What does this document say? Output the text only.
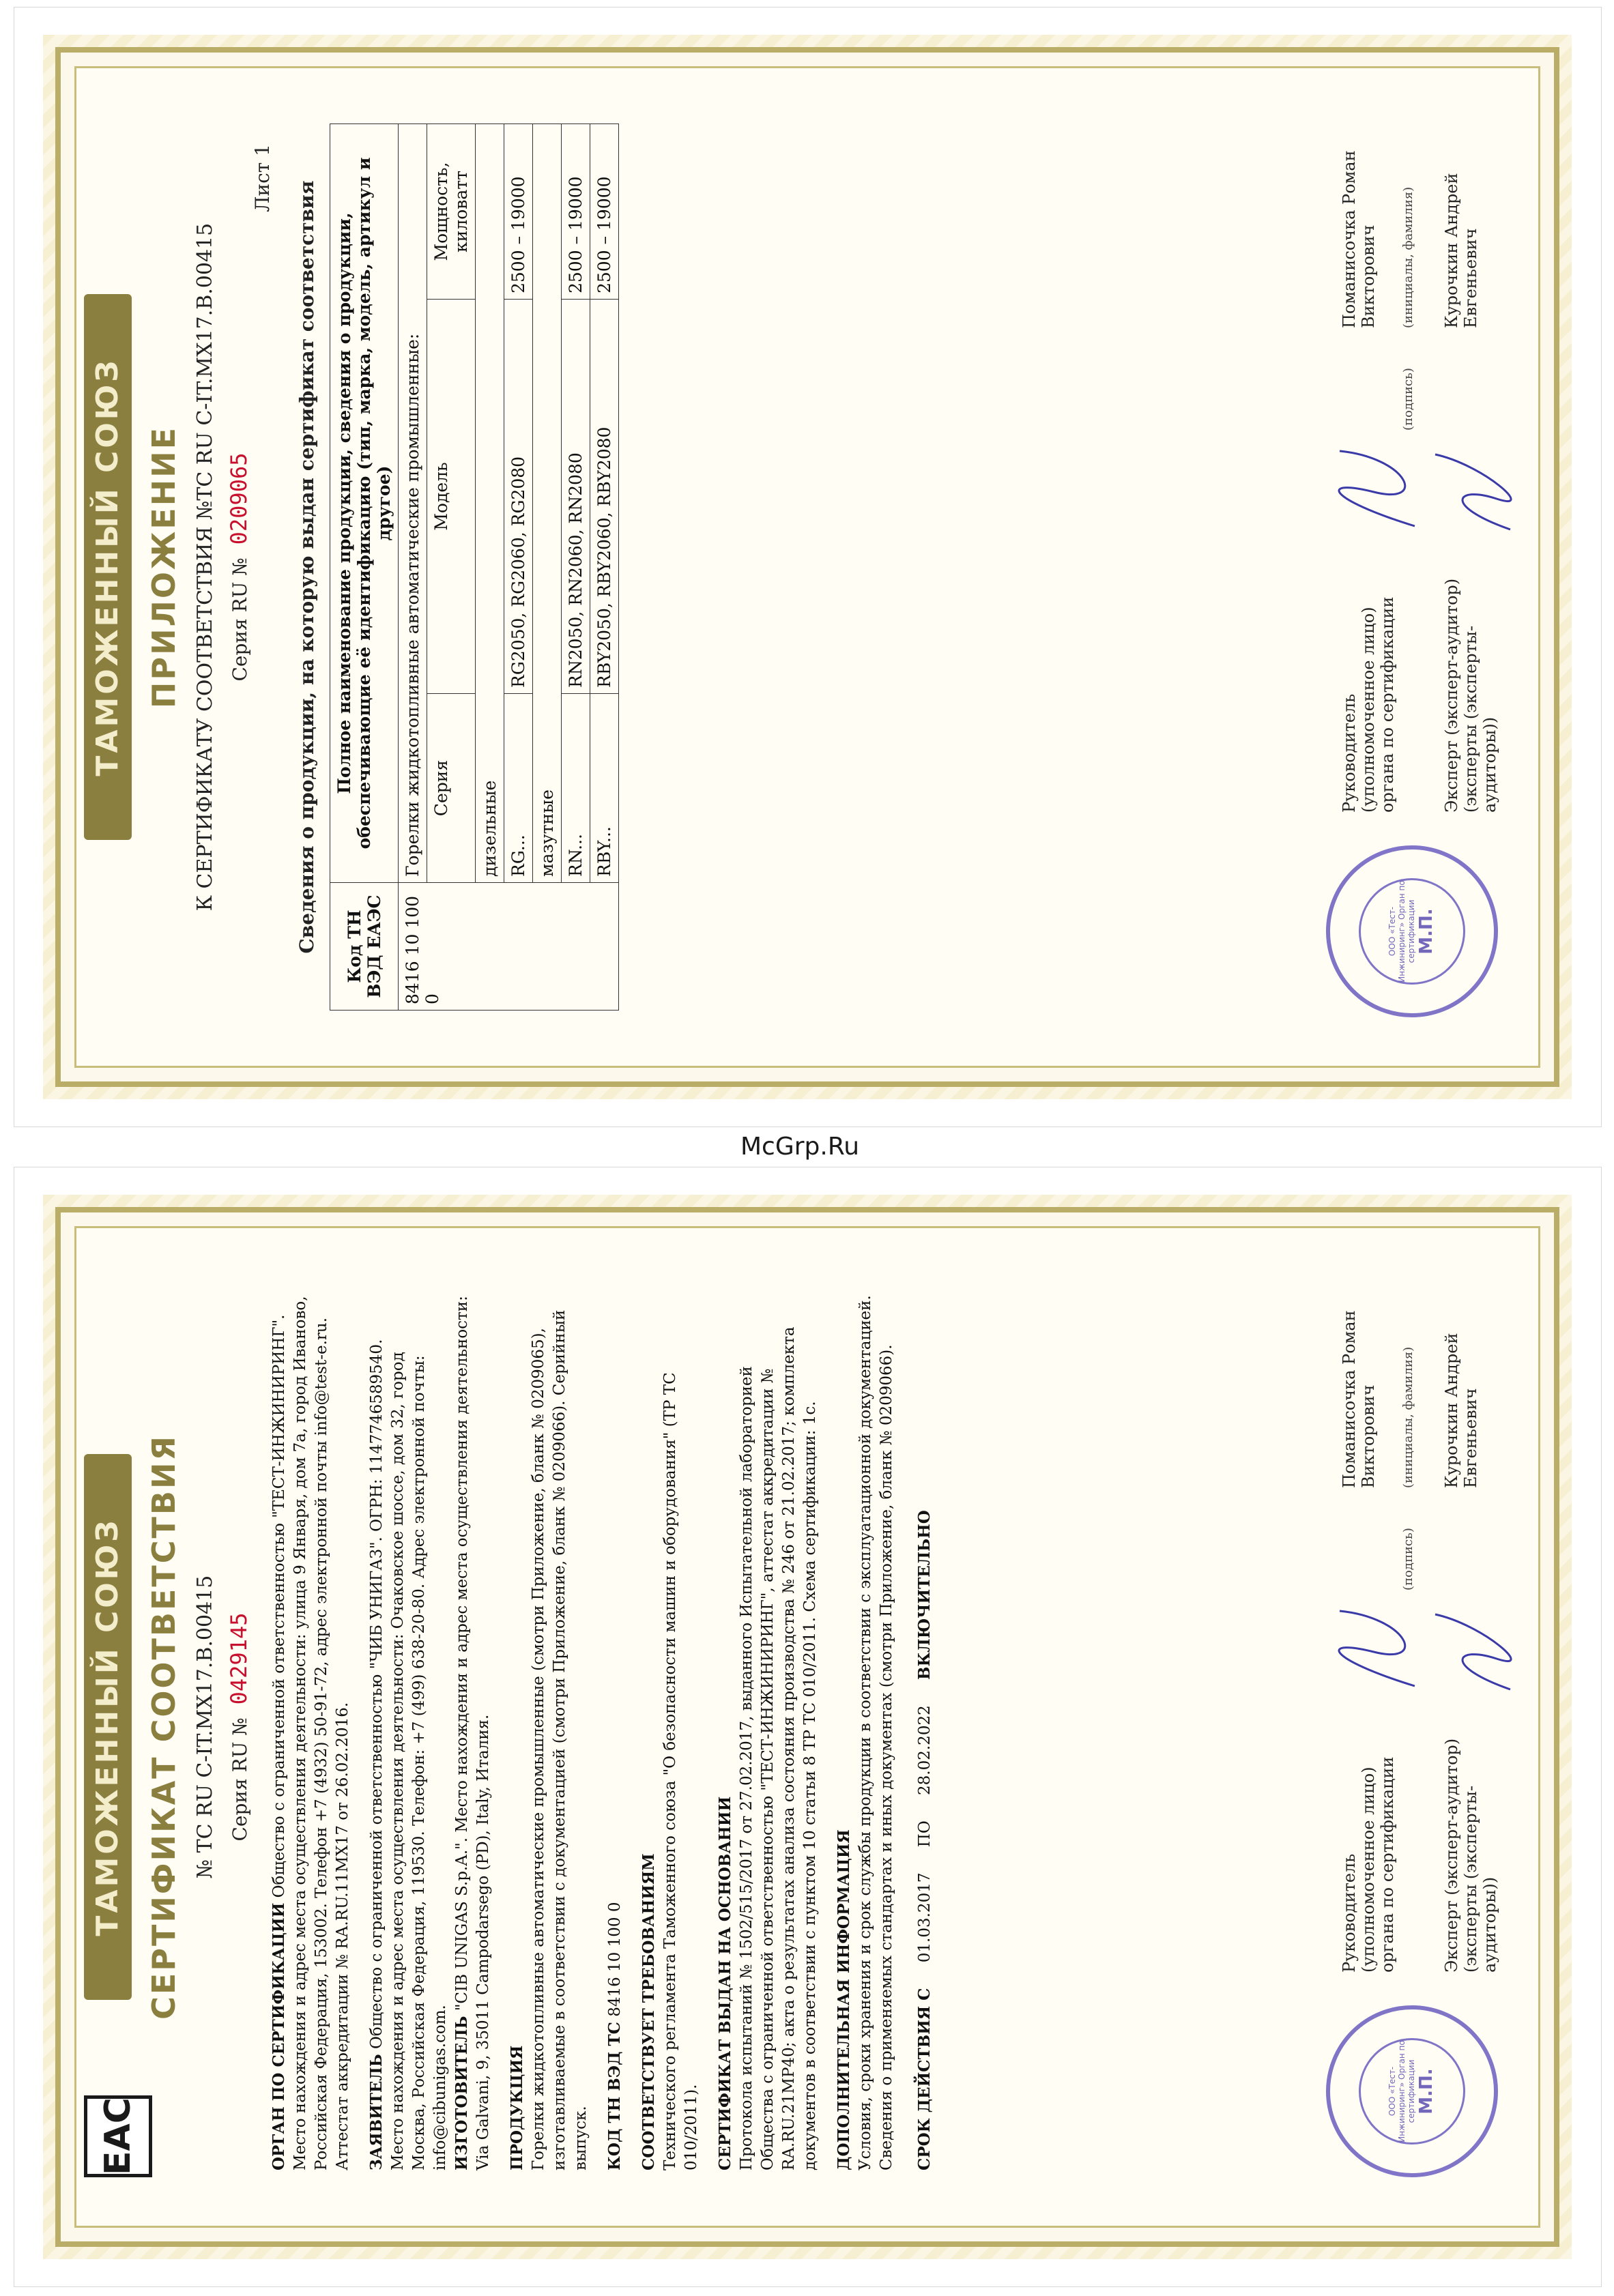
ТАМОЖЕННЫЙ СОЮЗ ПРИЛОЖЕНИЕ К СЕРТИФИКАТУ СООТВЕТСТВИЯ №ТС RU C-IT.MX17.B.00415
Серия RU № 0209065
Лист 1
Сведения о продукции, на которую выдан сертификат соответствия Код ТН ВЭД ЕАЭС	Полное наименование продукции, сведения о продукции, обеспечивающие её идентификацию (тип, марка, модель, артикул и другое)		
8416 10 100 0	Горелки жидкотопливные автоматические промышленные:		
	Серия	Модель	Мощность, киловатт
	дизельные		
	RG...	RG2050, RG2060, RG2080	2500 – 19000
	мазутные		
	RN...	RN2050, RN2060, RN2080	2500 – 19000
	RBY...	RBY2050, RBY2060, RBY2080	2500 – 19000
ООО «Тест-Инжиниринг» Орган по сертификации М.П.
Руководитель (уполномоченное лицо) органа по сертификации
(подпись)
Поманисочка Роман Викторович (инициалы, фамилия)
Эксперт (эксперт-аудитор) (эксперты (эксперты-аудиторы))
Курочкин Андрей Евгеньевич
McGrp.Ru
EAC
ТАМОЖЕННЫЙ СОЮЗ СЕРТИФИКАТ СООТВЕТСТВИЯ № ТС RU C-IT.MX17.B.00415 Серия RU № 0429145

ОРГАН ПО СЕРТИФИКАЦИИ Общество с ограниченной ответственностью "ТЕСТ-ИНЖИНИРИНГ". Место нахождения и адрес места осуществления деятельности: улица 9 Января, дом 7а, город Иваново, Российская Федерация, 153002. Телефон +7 (4932) 50-91-72, адрес электронной почты info@test-e.ru. Аттестат аккредитации № RA.RU.11MX17 от 26.02.2016. ЗАЯВИТЕЛЬ Общество с ограниченной ответственностью "ЧИБ УНИГАЗ". ОГРН: 1147746589540. Место нахождения и адрес места осуществления деятельности: Очаковское шоссе, дом 32, город Москва, Российская Федерация, 119530. Телефон: +7 (499) 638-20-80. Адрес электронной почты: info@cibunigas.com. ИЗГОТОВИТЕЛЬ "CIB UNIGAS S.p.A.". Место нахождения и адрес места осуществления деятельности: Via Galvani, 9, 35011 Campodarsego (PD), Italy, Италия. ПРОДУКЦИЯ Горелки жидкотопливные автоматические промышленные (смотри Приложение, бланк № 0209065), изготавливаемые в соответствии с документацией (смотри Приложение, бланк № 0209066). Серийный выпуск. КОД ТН ВЭД ТС 8416 10 100 0 СООТВЕТСТВУЕТ ТРЕБОВАНИЯМ Технического регламента Таможенного союза "О безопасности машин и оборудования" (ТР ТС 010/2011). СЕРТИФИКАТ ВЫДАН НА ОСНОВАНИИ Протокола испытаний № 1502/515/2017 от 27.02.2017, выданного Испытательной лабораторией Общества с ограниченной ответственностью "ТЕСТ-ИНЖИНИРИНГ", аттестат аккредитации № RA.RU.21MP40; акта о результатах анализа состояния производства № 246 от 21.02.2017; комплекта документов в соответствии с пунктом 10 статьи 8 ТР ТС 010/2011. Схема сертификации: 1с. ДОПОЛНИТЕЛЬНАЯ ИНФОРМАЦИЯ Условия, сроки хранения и срок службы продукции в соответствии с эксплуатационной документацией. Сведения о применяемых стандартах и иных документах (смотри Приложение, бланк № 0209066). СРОК ДЕЙСТВИЯ С 01.03.2017 ПО 28.02.2022 ВКЛЮЧИТЕЛЬНО

ООО «Тест-Инжиниринг» Орган по сертификации М.П.
Руководитель (уполномоченное лицо) органа по сертификации
(подпись)
Поманисочка Роман Викторович (инициалы, фамилия)
Эксперт (эксперт-аудитор) (эксперты (эксперты-аудиторы))
Курочкин Андрей Евгеньевич
